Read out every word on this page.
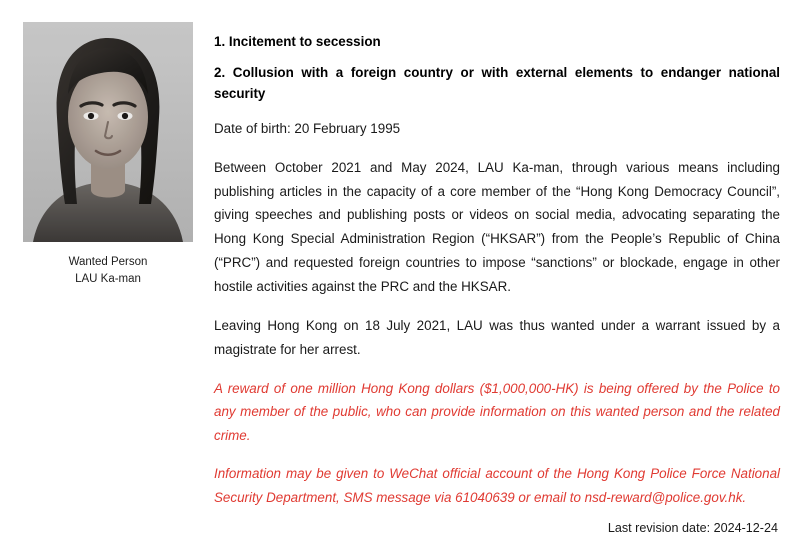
Wanted Person
LAU Ka-man
1. Incitement to secession
2. Collusion with a foreign country or with external elements to endanger national security
Date of birth: 20 February 1995
Between October 2021 and May 2024, LAU Ka-man, through various means including publishing articles in the capacity of a core member of the “Hong Kong Democracy Council”, giving speeches and publishing posts or videos on social media, advocating separating the Hong Kong Special Administration Region (“HKSAR”) from the People’s Republic of China (“PRC”) and requested foreign countries to impose “sanctions” or blockade, engage in other hostile activities against the PRC and the HKSAR.
Leaving Hong Kong on 18 July 2021, LAU was thus wanted under a warrant issued by a magistrate for her arrest.
A reward of one million Hong Kong dollars ($1,000,000-HK) is being offered by the Police to any member of the public, who can provide information on this wanted person and the related crime.
Information may be given to WeChat official account of the Hong Kong Police Force National Security Department, SMS message via 61040639 or email to nsd-reward@police.gov.hk.
Last revision date: 2024-12-24
